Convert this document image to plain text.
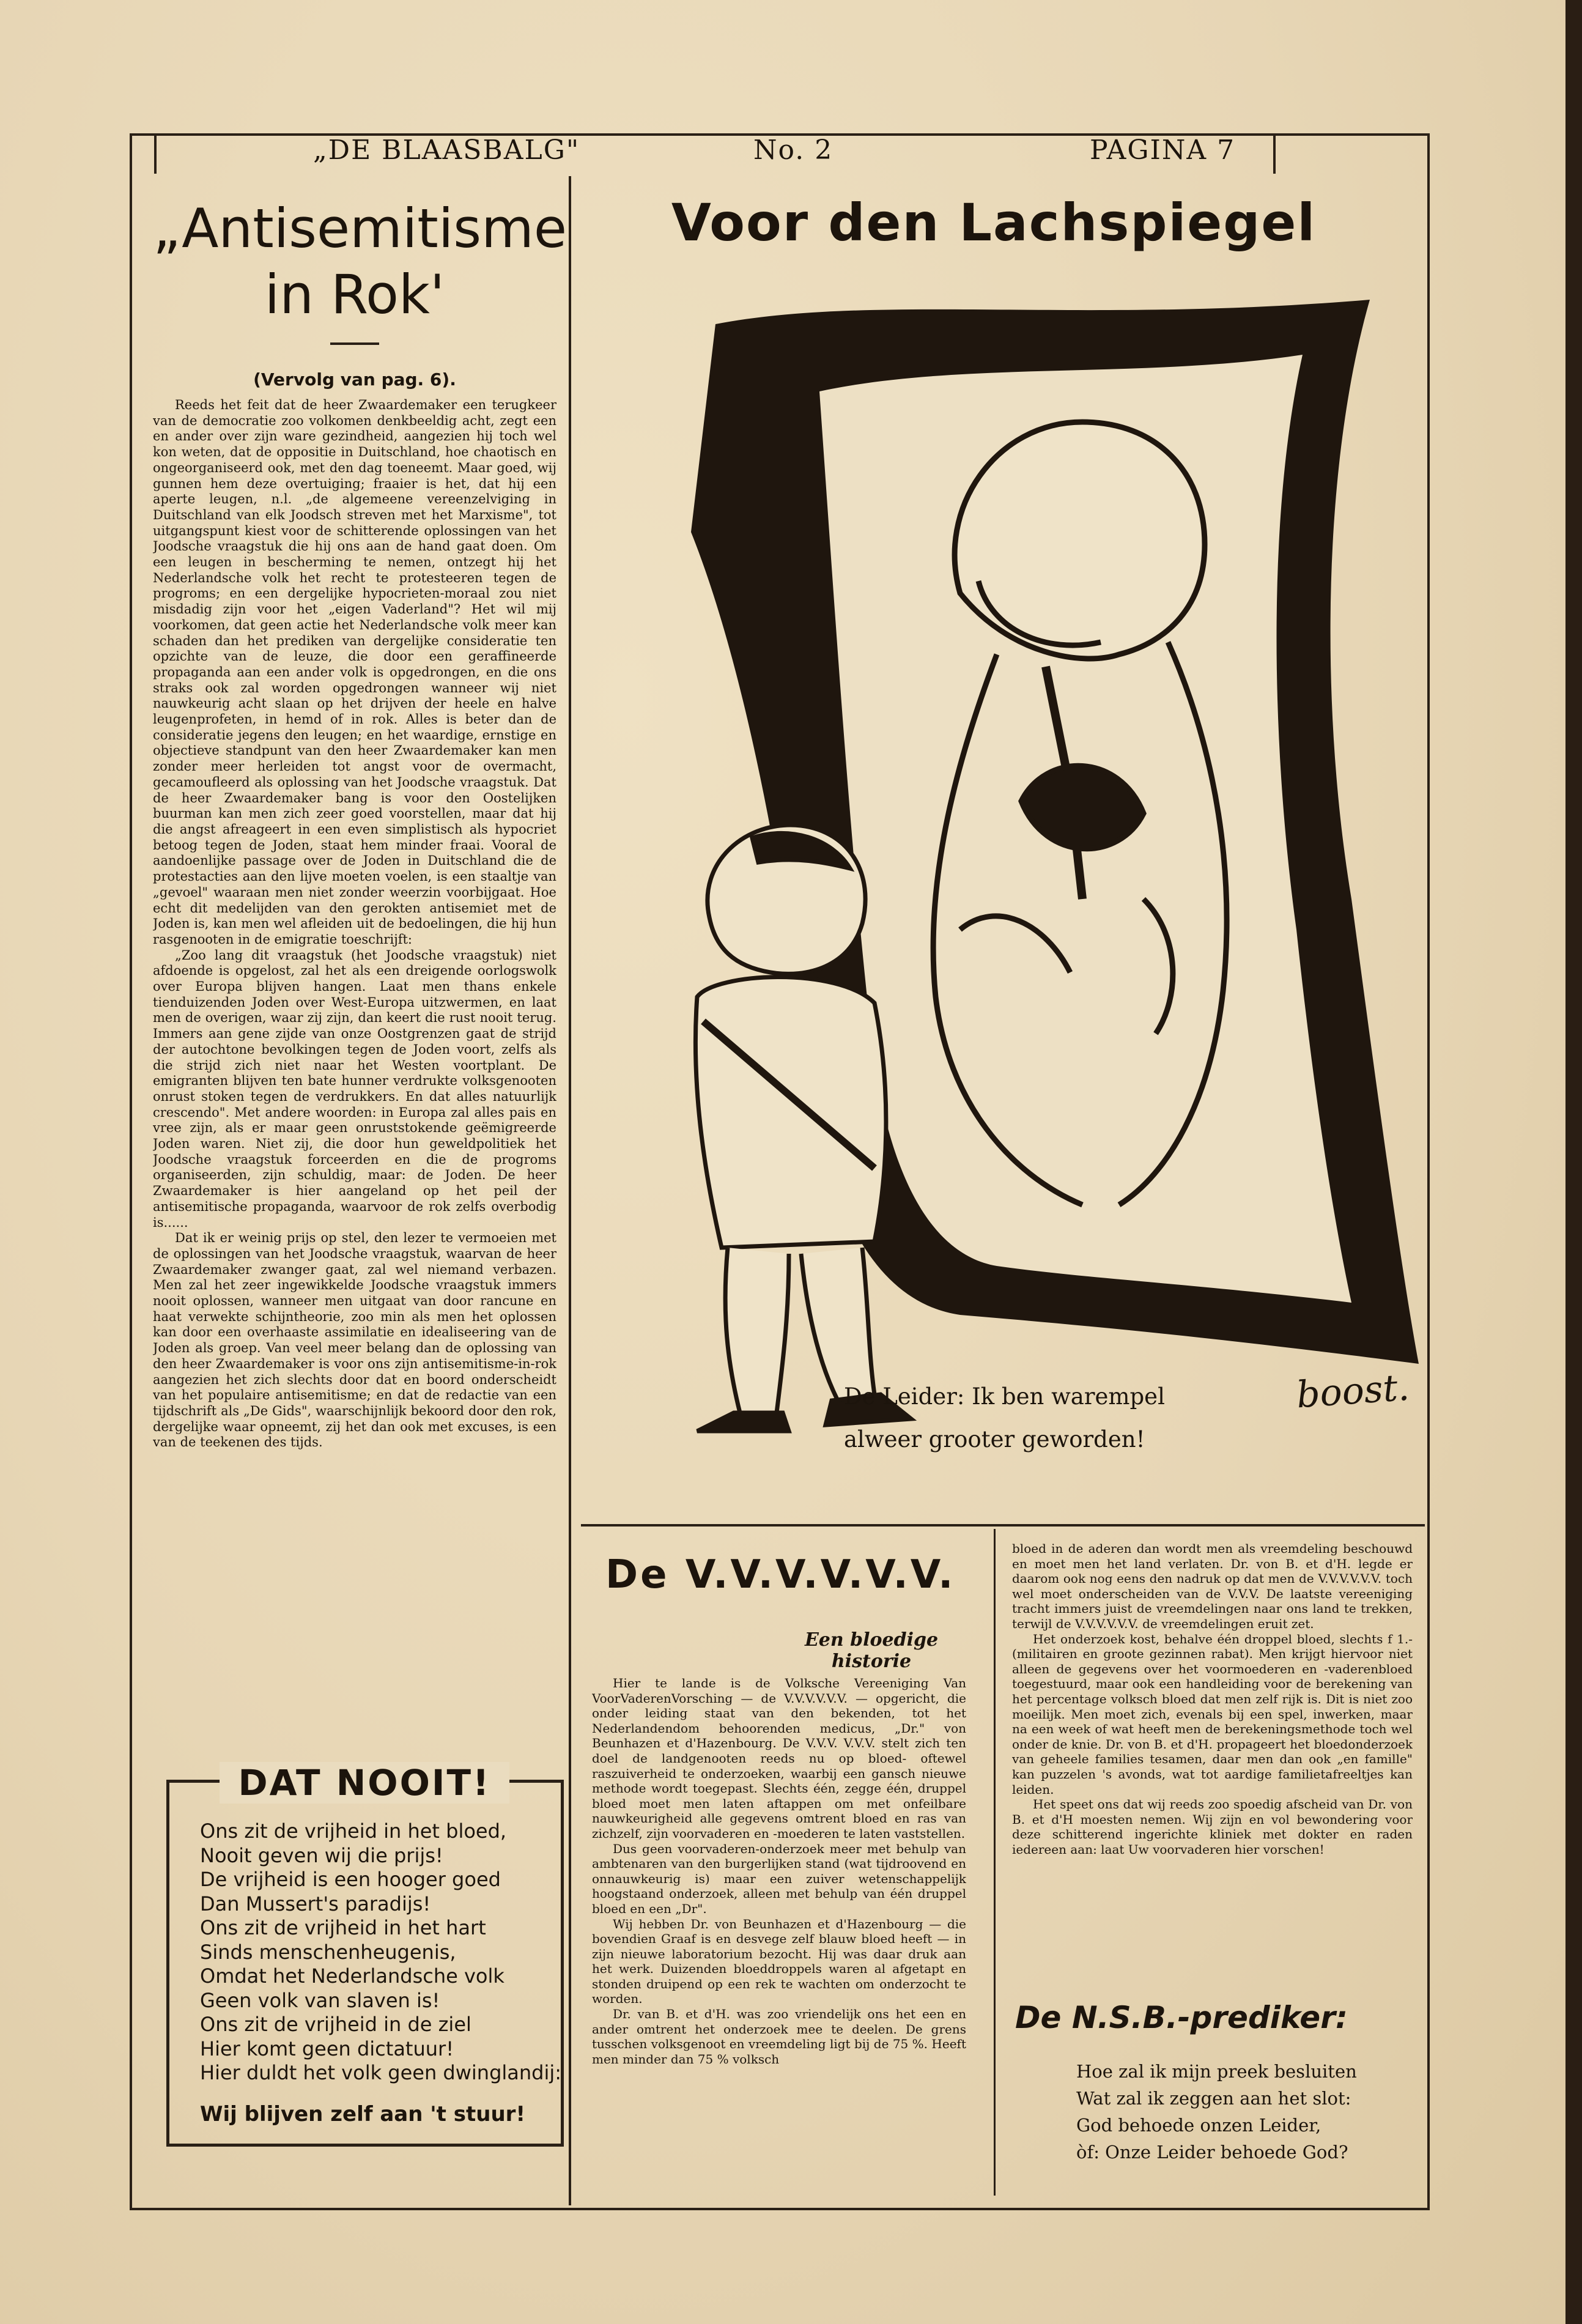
„DE BLAASBALG"	No. 2	PAGINA 7
„Antisemitisme
in Rok'
(Vervolg van pag. 6).

Reeds het feit dat de heer Zwaardemaker een terugkeer van de democratie zoo volkomen denkbeeldig acht, zegt een en ander over zijn ware gezindheid, aangezien hij toch wel kon weten, dat de oppositie in Duitschland, hoe chaotisch en ongeorganiseerd ook, met den dag toeneemt. Maar goed, wij gunnen hem deze overtuiging; fraaier is het, dat hij een aperte leugen, n.l. „de algemeene vereenzelviging in Duitschland van elk Joodsch streven met het Marxisme", tot uitgangspunt kiest voor de schitterende oplossingen van het Joodsche vraagstuk die hij ons aan de hand gaat doen. Om een leugen in bescherming te nemen, ontzegt hij het Nederlandsche volk het recht te protesteeren tegen de progroms; en een dergelijke hypocrieten-moraal zou niet misdadig zijn voor het „eigen Vaderland"? Het wil mij voorkomen, dat geen actie het Nederlandsche volk meer kan schaden dan het prediken van dergelijke consideratie ten opzichte van de leuze, die door een geraffineerde propaganda aan een ander volk is opgedrongen, en die ons straks ook zal worden opgedrongen wanneer wij niet nauwkeurig acht slaan op het drijven der heele en halve leugenprofeten, in hemd of in rok. Alles is beter dan de consideratie jegens den leugen; en het waardige, ernstige en objectieve standpunt van den heer Zwaardemaker kan men zonder meer herleiden tot angst voor de overmacht, gecamoufleerd als oplossing van het Joodsche vraagstuk. Dat de heer Zwaardemaker bang is voor den Oostelijken buurman kan men zich zeer goed voorstellen, maar dat hij die angst afreageert in een even simplistisch als hypocriet betoog tegen de Joden, staat hem minder fraai. Vooral de aandoenlijke passage over de Joden in Duitschland die de protestacties aan den lijve moeten voelen, is een staaltje van „gevoel" waaraan men niet zonder weerzin voorbijgaat. Hoe echt dit medelijden van den gerokten antisemiet met de Joden is, kan men wel afleiden uit de bedoelingen, die hij hun rasgenooten in de emigratie toeschrijft:

„Zoo lang dit vraagstuk (het Joodsche vraagstuk) niet afdoende is opgelost, zal het als een dreigende oorlogswolk over Europa blijven hangen. Laat men thans enkele tienduizenden Joden over West-Europa uitzwermen, en laat men de overigen, waar zij zijn, dan keert die rust nooit terug. Immers aan gene zijde van onze Oostgrenzen gaat de strijd der autochtone bevolkingen tegen de Joden voort, zelfs als die strijd zich niet naar het Westen voortplant. De emigranten blijven ten bate hunner verdrukte volksgenooten onrust stoken tegen de verdrukkers. En dat alles natuurlijk crescendo". Met andere woorden: in Europa zal alles pais en vree zijn, als er maar geen onruststokende geëmigreerde Joden waren. Niet zij, die door hun geweldpolitiek het Joodsche vraagstuk forceerden en die de progroms organiseerden, zijn schuldig, maar: de Joden. De heer Zwaardemaker is hier aangeland op het peil der antisemitische propaganda, waarvoor de rok zelfs overbodig is......

Dat ik er weinig prijs op stel, den lezer te vermoeien met de oplossingen van het Joodsche vraagstuk, waarvan de heer Zwaardemaker zwanger gaat, zal wel niemand verbazen. Men zal het zeer ingewikkelde Joodsche vraagstuk immers nooit oplossen, wanneer men uitgaat van door rancune en haat verwekte schijntheorie, zoo min als men het oplossen kan door een overhaaste assimilatie en idealiseering van de Joden als groep. Van veel meer belang dan de oplossing van den heer Zwaardemaker is voor ons zijn antisemitisme-in-rok aangezien het zich slechts door dat en boord onderscheidt van het populaire antisemitisme; en dat de redactie van een tijdschrift als „De Gids", waarschijnlijk bekoord door den rok, dergelijke waar opneemt, zij het dan ook met excuses, is een van de teekenen des tijds.

DAT NOOIT!
Ons zit de vrijheid in het bloed,
Nooit geven wij die prijs!
De vrijheid is een hooger goed
Dan Mussert's paradijs!
Ons zit de vrijheid in het hart
Sinds menschenheugenis,
Omdat het Nederlandsche volk
Geen volk van slaven is!
Ons zit de vrijheid in de ziel
Hier komt geen dictatuur!
Hier duldt het volk geen dwinglandij:
Wij blijven zelf aan 't stuur!
Voor den Lachspiegel
De Leider: Ik ben warempel
alweer grooter geworden!
boost.
De V.V.V.V.V.V.
Een bloedige historie

Hier te lande is de Volksche Vereeniging Van VoorVaderenVorsching — de V.V.V.V.V.V. — opgericht, die onder leiding staat van den bekenden, tot het Nederlandendom behoorenden medicus, „Dr." von Beunhazen et d'Hazenbourg. De V.V.V. V.V.V. stelt zich ten doel de landgenooten reeds nu op bloed- oftewel raszuiverheid te onderzoeken, waarbij een gansch nieuwe methode wordt toegepast. Slechts één, zegge één, druppel bloed moet men laten aftappen om met onfeilbare nauwkeurigheid alle gegevens omtrent bloed en ras van zichzelf, zijn voorvaderen en -moederen te laten vaststellen.

Dus geen voorvaderen-onderzoek meer met behulp van ambtenaren van den burgerlijken stand (wat tijdroovend en onnauwkeurig is) maar een zuiver wetenschappelijk hoogstaand onderzoek, alleen met behulp van één druppel bloed en een „Dr".

Wij hebben Dr. von Beunhazen et d'Hazenbourg — die bovendien Graaf is en desvege zelf blauw bloed heeft — in zijn nieuwe laboratorium bezocht. Hij was daar druk aan het werk. Duizenden bloeddroppels waren al afgetapt en stonden druipend op een rek te wachten om onderzocht te worden.

Dr. van B. et d'H. was zoo vriendelijk ons het een en ander omtrent het onderzoek mee te deelen. De grens tusschen volksgenoot en vreemdeling ligt bij de 75 %. Heeft men minder dan 75 % volksch

bloed in de aderen dan wordt men als vreemdeling beschouwd en moet men het land verlaten. Dr. von B. et d'H. legde er daarom ook nog eens den nadruk op dat men de V.V.V.V.V.V. toch wel moet onderscheiden van de V.V.V. De laatste vereeniging tracht immers juist de vreemdelingen naar ons land te trekken, terwijl de V.V.V.V.V.V. de vreemdelingen eruit zet.

Het onderzoek kost, behalve één droppel bloed, slechts f 1.- (militairen en groote gezinnen rabat). Men krijgt hiervoor niet alleen de gegevens over het voormoederen en -vaderenbloed toegestuurd, maar ook een handleiding voor de berekening van het percentage volksch bloed dat men zelf rijk is. Dit is niet zoo moeilijk. Men moet zich, evenals bij een spel, inwerken, maar na een week of wat heeft men de berekeningsmethode toch wel onder de knie. Dr. von B. et d'H. propageert het bloedonderzoek van geheele families tesamen, daar men dan ook „en famille" kan puzzelen 's avonds, wat tot aardige familietafreeltjes kan leiden.

Het speet ons dat wij reeds zoo spoedig afscheid van Dr. von B. et d'H moesten nemen. Wij zijn en vol bewondering voor deze schitterend ingerichte kliniek met dokter en raden iedereen aan: laat Uw voorvaderen hier vorschen!

De N.S.B.-prediker:
Hoe zal ik mijn preek besluiten
Wat zal ik zeggen aan het slot:
God behoede onzen Leider,
òf: Onze Leider behoede God?
